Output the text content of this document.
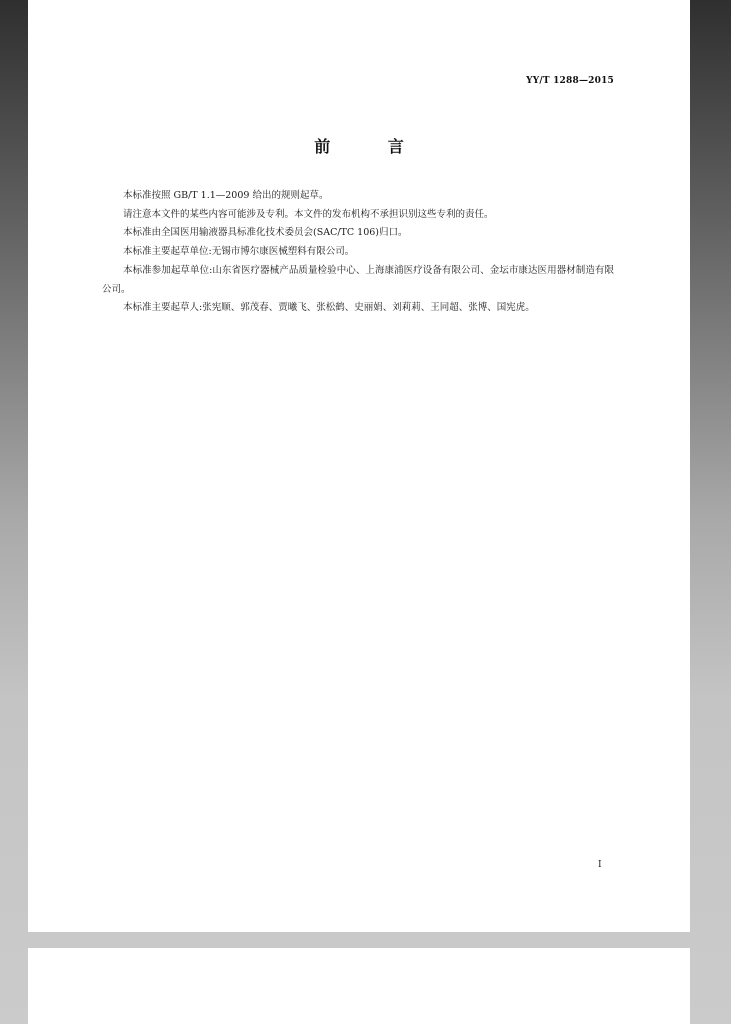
YY/T 1288—2015
前 言

本标准按照 GB/T 1.1—2009 给出的规则起草。

请注意本文件的某些内容可能涉及专利。本文件的发布机构不承担识别这些专利的责任。

本标准由全国医用输液器具标准化技术委员会(SAC/TC 106)归口。

本标准主要起草单位:无锡市博尔康医械塑料有限公司。

本标准参加起草单位:山东省医疗器械产品质量检验中心、上海康浦医疗设备有限公司、金坛市康达医用器材制造有限公司。

本标准主要起草人:张宪顺、郭茂春、贾曦飞、张松鹤、史丽娟、刘莉莉、王同超、张博、国宪虎。

I
